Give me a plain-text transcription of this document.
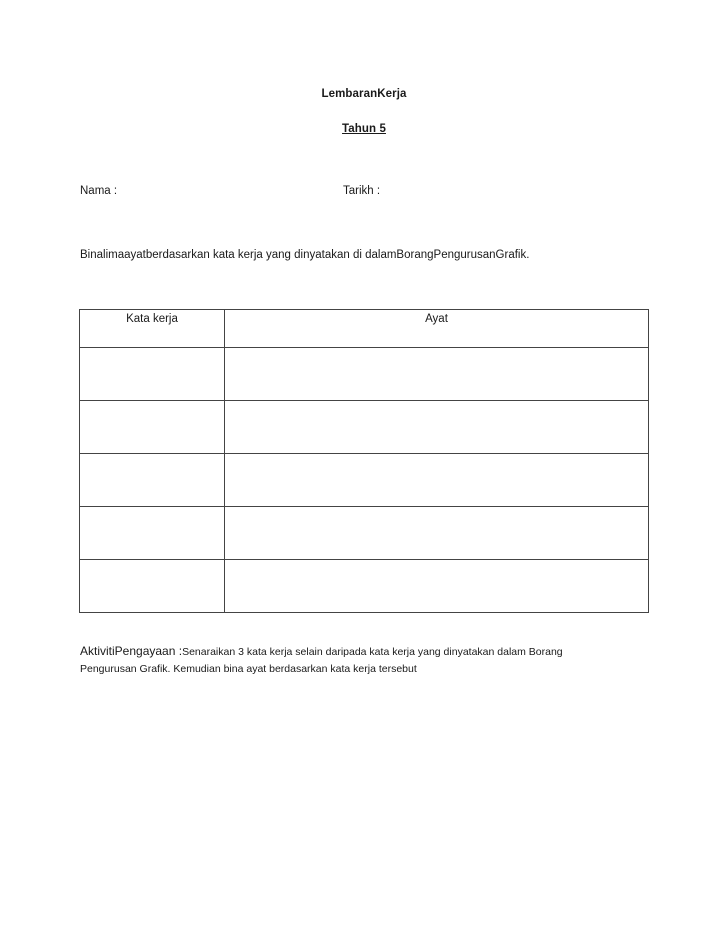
LembaranKerja
Tahun 5
Nama :	Tarikh :
Binalimaayatberdasarkan kata kerja yang dinyatakan di dalamBorangPengurusanGrafik.
Kata kerja	Ayat

AktivitiPengayaan :Senaraikan 3 kata kerja selain daripada kata kerja yang dinyatakan dalam Borang
Pengurusan Grafik. Kemudian bina ayat berdasarkan kata kerja tersebut
